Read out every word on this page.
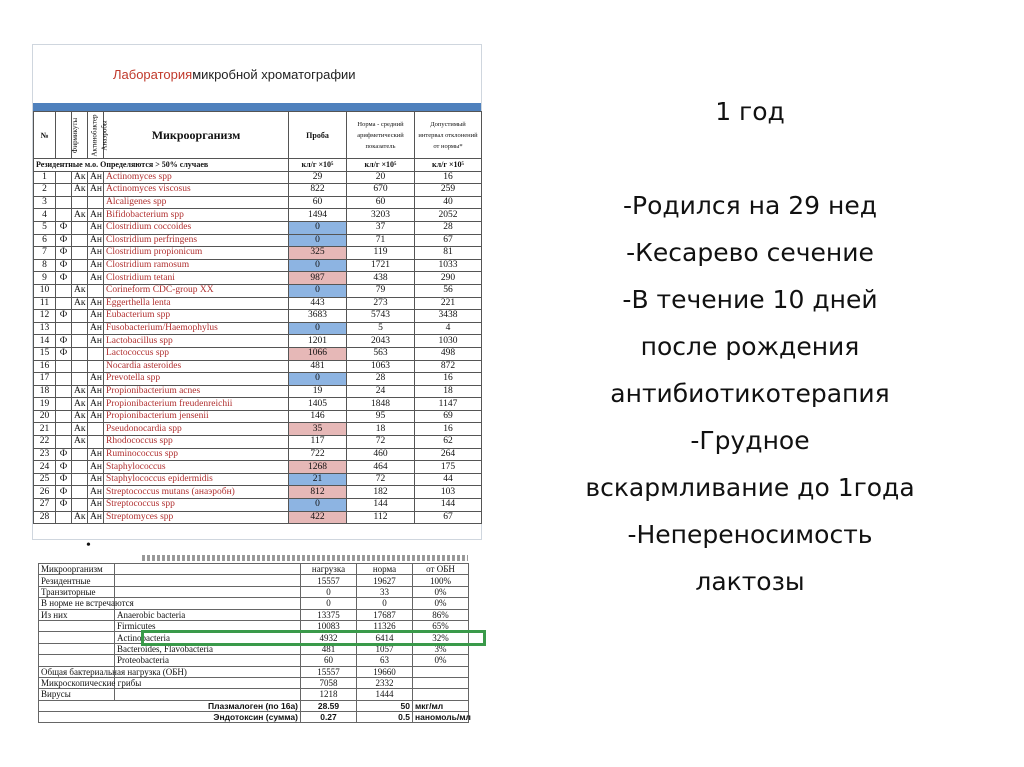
Лаборатория микробной хроматографии
№	Фирмикуты	Актинобактер	Анаэробы	Микроорганизм	Проба	Норма - средний арифметический показатель	Допустимый интервал отклонений от нормы*
Резидентные м.о. Определяются > 50% случаев					кл/г ×10⁵	кл/г ×10⁵	кл/г ×10⁵
1		Ак	Ан	Actinomyces spp	29	20	16
2		Ак	Ан	Actinomyces viscosus	822	670	259
3				Alcaligenes spp	60	60	40
4		Ак	Ан	Bifidobacterium spp	1494	3203	2052
5	Ф		Ан	Clostridium coccoides	0	37	28
6	Ф		Ан	Clostridium perfringens	0	71	67
7	Ф		Ан	Clostridium propionicum	325	119	81
8	Ф		Ан	Clostridium ramosum	0	1721	1033
9	Ф		Ан	Clostridium tetani	987	438	290
10		Ак		Corineform CDC-group XX	0	79	56
11		Ак	Ан	Eggerthella lenta	443	273	221
12	Ф		Ан	Eubacterium spp	3683	5743	3438
13			Ан	Fusobacterium/Haemophylus	0	5	4
14	Ф		Ан	Lactobacillus spp	1201	2043	1030
15	Ф			Lactococcus spp	1066	563	498
16				Nocardia asteroides	481	1063	872
17			Ан	Prevotella spp	0	28	16
18		Ак	Ан	Propionibacterium acnes	19	24	18
19		Ак	Ан	Propionibacterium freudenreichii	1405	1848	1147
20		Ак	Ан	Propionibacterium jensenii	146	95	69
21		Ак		Pseudonocardia spp	35	18	16
22		Ак		Rhodococcus spp	117	72	62
23	Ф		Ан	Ruminococcus spp	722	460	264
24	Ф		Ан	Staphylococcus	1268	464	175
25	Ф		Ан	Staphylococcus epidermidis	21	72	44
26	Ф		Ан	Streptococcus mutans (анаэробн)	812	182	103
27	Ф		Ан	Streptococcus spp	0	144	144
28		Ак	Ан	Streptomyces spp	422	112	67
•
Микроорганизм		нагрузка	норма	от ОБН
Резидентные		15557	19627	100%
Транзиторные		0	33	0%
В норме не встречаются		0	0	0%
Из них	Anaerobic bacteria	13375	17687	86%
	Firmicutes	10083	11326	65%
	Actinobacteria	4932	6414	32%
	Bacteroides, Flavobacteria	481	1057	3%
	Proteobacteria	60	63	0%
Общая бактериальная нагрузка (ОБН)		15557	19660	
Микроскопические грибы		7058	2332	
Вирусы		1218	1444	
Плазмалоген (по 16а)		28.59	50	мкг/мл
Эндотоксин (сумма)		0.27	0.5	наномоль/мл
1 год

-Родился на 29 нед
-Кесарево сечение
-В течение 10 дней
после рождения
антибиотикотерапия
-Грудное
вскармливание до 1года
-Непереносимость
лактозы
